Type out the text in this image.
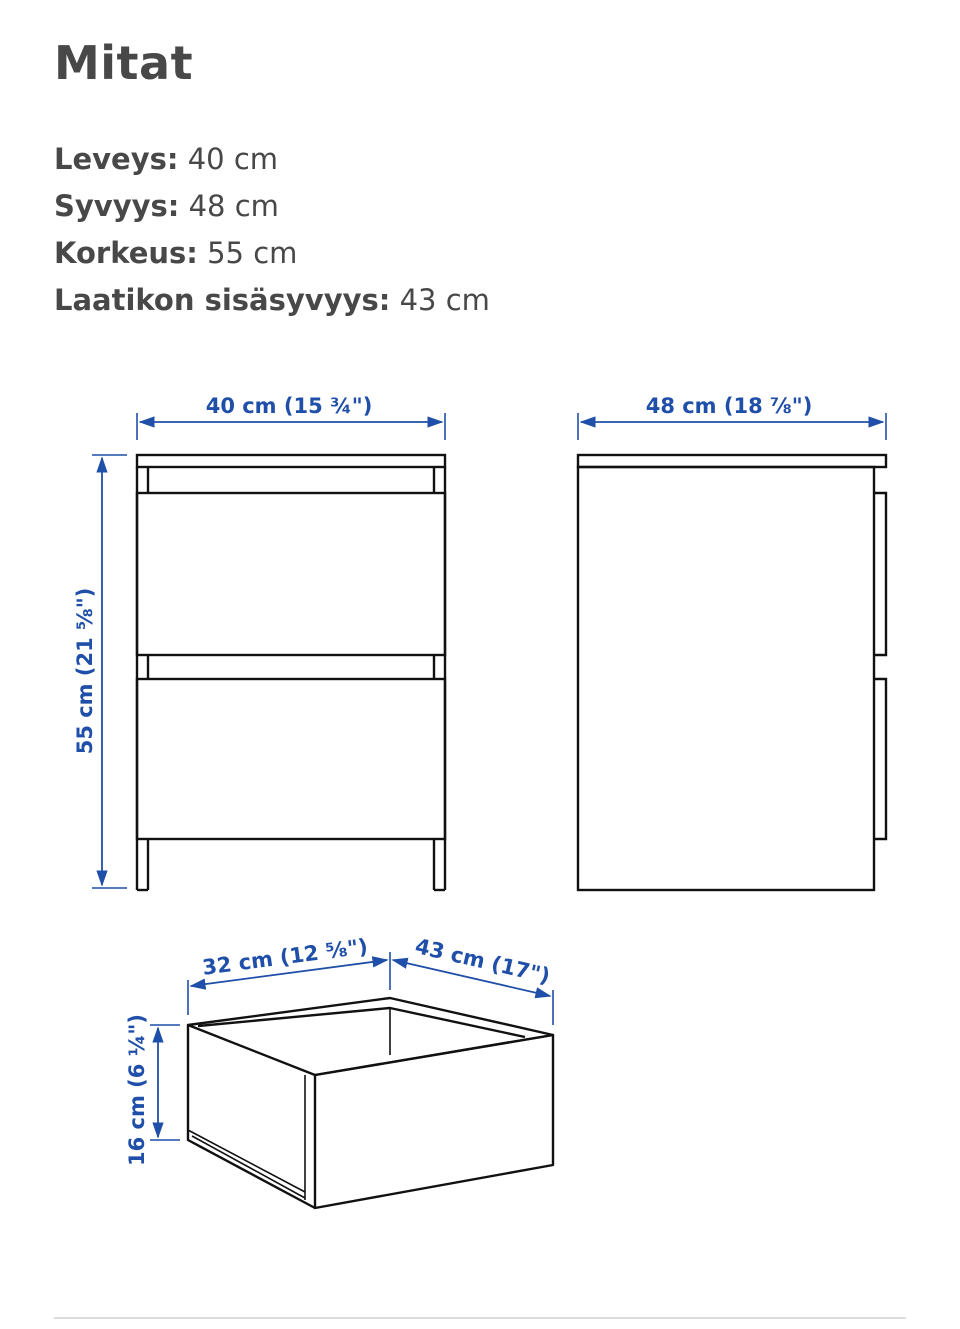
Mitat
Leveys: 40 cm
Syvyys: 48 cm
Korkeus: 55 cm
Laatikon sisäsyvyys: 43 cm
40 cm (15 ¾")
55 cm (21 ⅝")
48 cm (18 ⅞")
32 cm (12 ⅝") 43 cm (17")
16 cm (6 ¼")
